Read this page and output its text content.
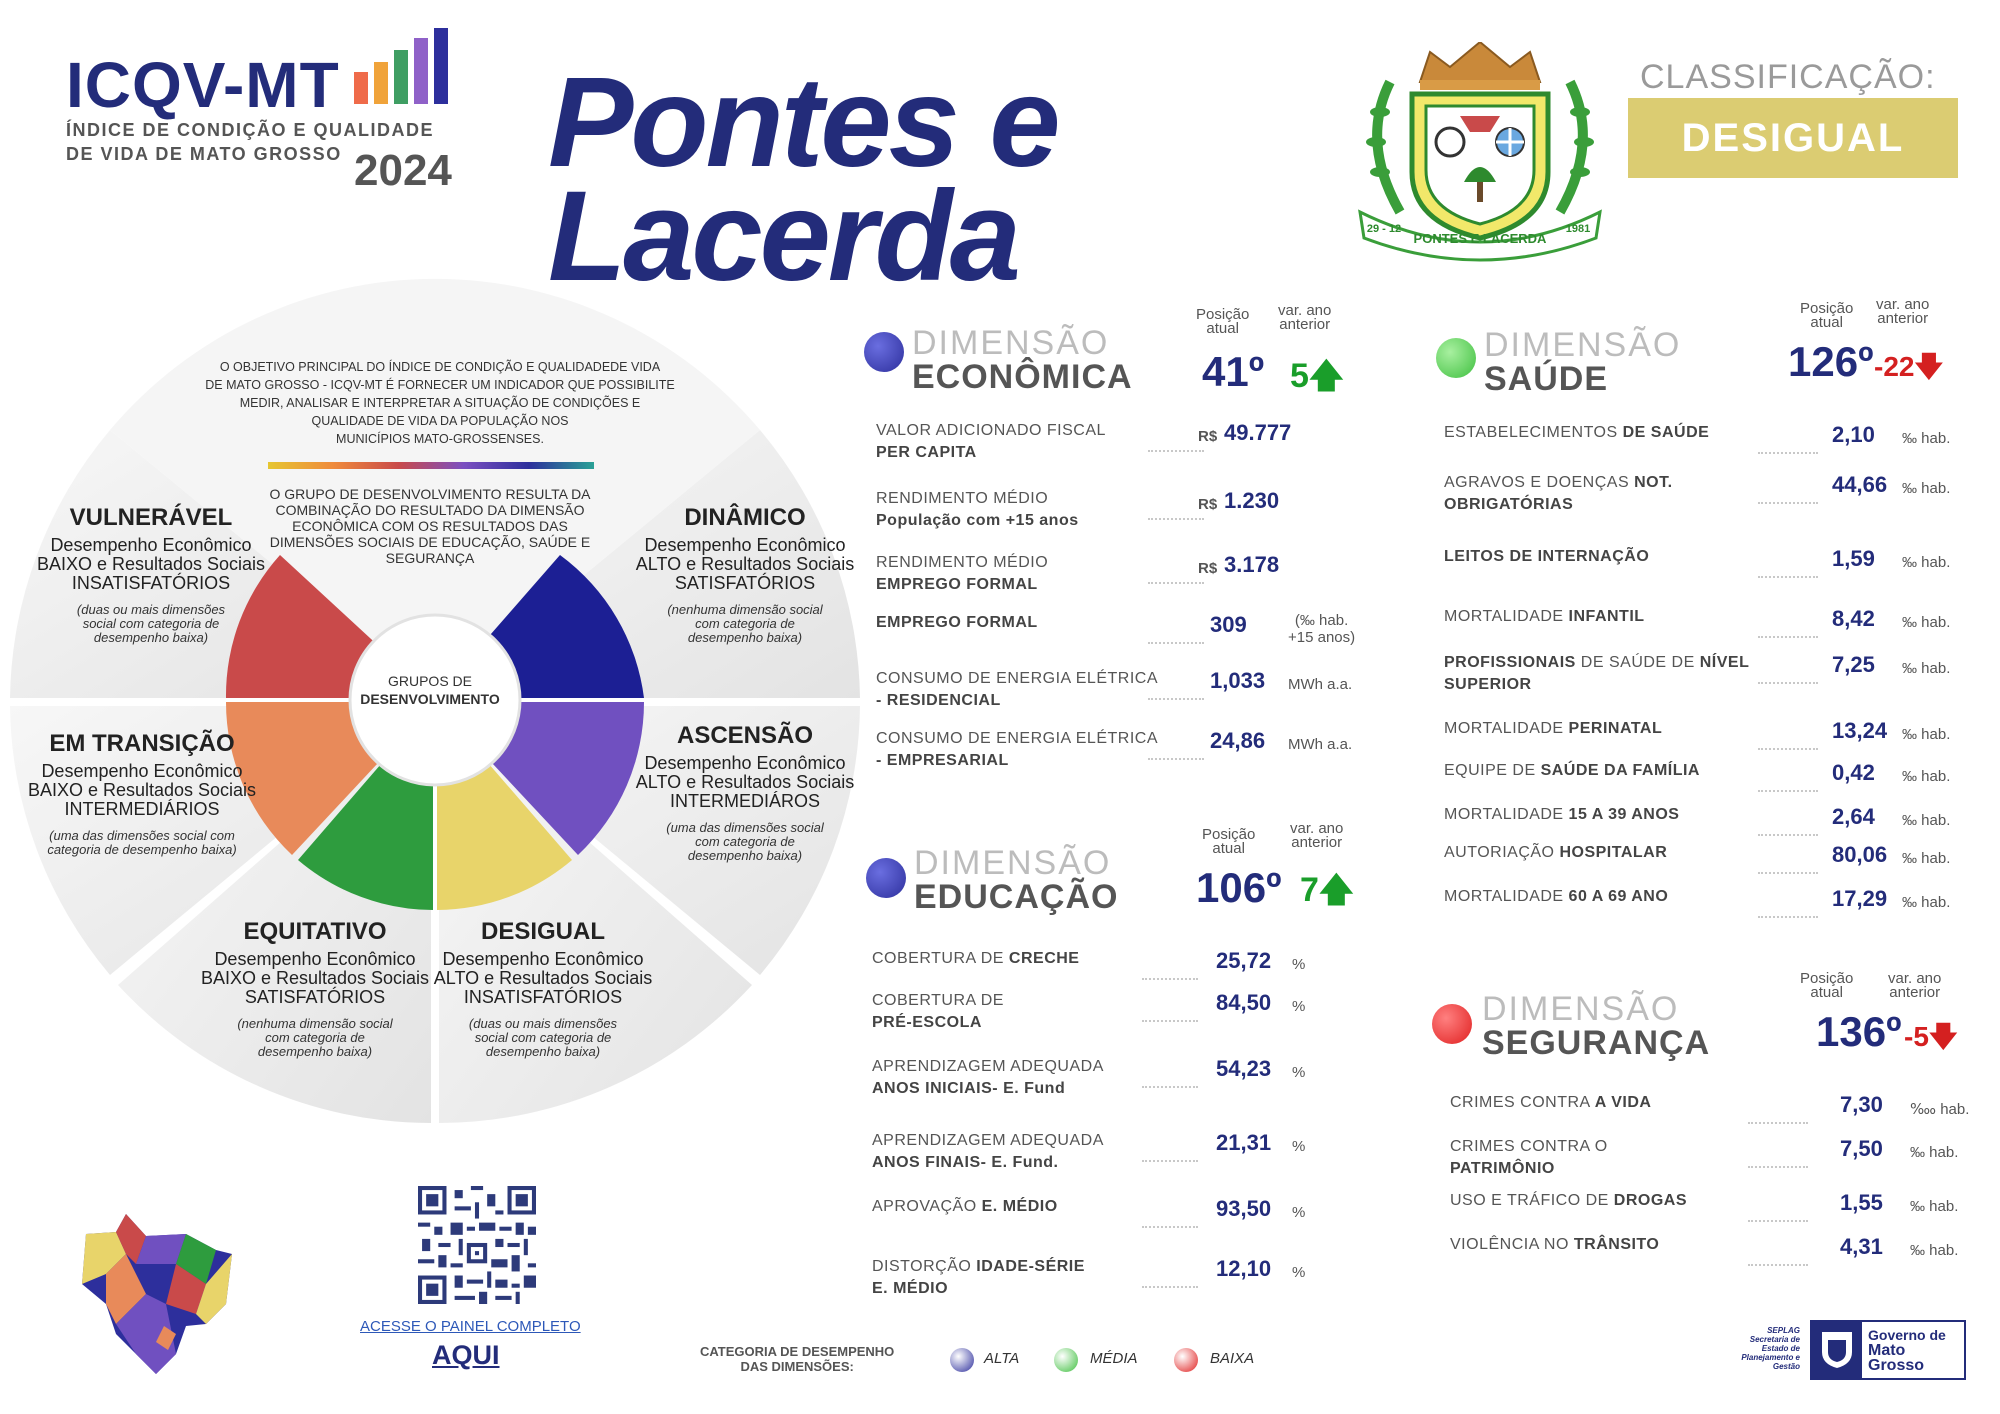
ICQV-MT
ÍNDICE DE CONDIÇÃO E QUALIDADE
DE VIDA DE MATO GROSSO 2024 Pontes e
Lacerda	PONTES E LACERDA
29 - 12	1981
CLASSIFICAÇÃO:
DESIGUAL
O OBJETIVO PRINCIPAL DO ÍNDICE DE CONDIÇÃO E QUALIDADEDE VIDA
DE MATO GROSSO - ICQV-MT É FORNECER UM INDICADOR QUE POSSIBILITE
MEDIR, ANALISAR E INTERPRETAR A SITUAÇÃO DE CONDIÇÕES E
QUALIDADE DE VIDA DA POPULAÇÃO NOS
MUNICÍPIOS MATO-GROSSENSES.
O GRUPO DE DESENVOLVIMENTO RESULTA DA COMBINAÇÃO DO RESULTADO DA DIMENSÃO ECONÔMICA COM OS RESULTADOS DAS DIMENSÕES SOCIAIS DE EDUCAÇÃO, SAÚDE E SEGURANÇA
GRUPOS DE
DESENVOLVIMENTO
VULNERÁVEL
Desempenho Econômico BAIXO e Resultados Sociais INSATISFATÓRIOS
(duas ou mais dimensões social com categoria de desempenho baixa)
DINÂMICO
Desempenho Econômico ALTO e Resultados Sociais SATISFATÓRIOS
(nenhuma dimensão social com categoria de desempenho baixa)
EM TRANSIÇÃO
Desempenho Econômico BAIXO e Resultados Sociais INTERMEDIÁRIOS
(uma das dimensões social com categoria de desempenho baixa)
ASCENSÃO
Desempenho Econômico ALTO e Resultados Sociais INTERMEDIÁROS
(uma das dimensões social com categoria de desempenho baixa)
EQUITATIVO
Desempenho Econômico BAIXO e Resultados Sociais SATISFATÓRIOS
(nenhuma dimensão social com categoria de desempenho baixa)
DESIGUAL
Desempenho Econômico ALTO e Resultados Sociais INSATISFATÓRIOS
(duas ou mais dimensões social com categoria de desempenho baixa)
DIMENSÃO
ECONÔMICA
Posição
atual
var. ano
anterior
41º 5🡅
VALOR ADICIONADO FISCAL
PER CAPITA
R$ 49.777
RENDIMENTO MÉDIO
População com +15 anos
R$ 1.230
RENDIMENTO MÉDIO
EMPREGO FORMAL
R$ 3.178
EMPREGO FORMAL	309	(‰ hab.
+15 anos)
CONSUMO DE ENERGIA ELÉTRICA
- RESIDENCIAL
1,033 MWh a.a.
CONSUMO DE ENERGIA ELÉTRICA
- EMPRESARIAL
24,86 MWh a.a.
DIMENSÃO
EDUCAÇÃO
Posição
atual
var. ano
anterior
106º 7🡅
COBERTURA DE CRECHE	25,72 %
COBERTURA DE
PRÉ-ESCOLA
84,50 %
APRENDIZAGEM ADEQUADA
ANOS INICIAIS- E. Fund
54,23 %
APRENDIZAGEM ADEQUADA
ANOS FINAIS- E. Fund.
21,31 %
APROVAÇÃO E. MÉDIO	93,50 %
DISTORÇÃO IDADE-SÉRIE
E. MÉDIO
12,10 %
DIMENSÃO
SAÚDE
Posição
atual
var. ano
anterior
126º -22🡇
ESTABELECIMENTOS DE SAÚDE	2,10 ‰ hab.
AGRAVOS E DOENÇAS NOT.
OBRIGATÓRIAS
44,66 ‰ hab.
LEITOS DE INTERNAÇÃO	1,59 ‰ hab.
MORTALIDADE INFANTIL	8,42 ‰ hab.
PROFISSIONAIS DE SAÚDE DE NÍVEL
SUPERIOR
7,25 ‰ hab.
MORTALIDADE PERINATAL	13,24 ‰ hab.
EQUIPE DE SAÚDE DA FAMÍLIA	0,42 ‰ hab.
MORTALIDADE 15 A 39 ANOS	2,64 ‰ hab.
AUTORIAÇÃO HOSPITALAR	80,06 ‰ hab.
MORTALIDADE 60 A 69 ANO	17,29 ‰ hab.
DIMENSÃO
SEGURANÇA
Posição
atual
var. ano
anterior
136º -5🡇
CRIMES CONTRA A VIDA	7,30 ‱ hab.
CRIMES CONTRA O
PATRIMÔNIO
7,50 ‰ hab.
USO E TRÁFICO DE DROGAS	1,55 ‰ hab.
VIOLÊNCIA NO TRÂNSITO	4,31 ‰ hab.
ACESSE O PAINEL COMPLETO
AQUI	CATEGORIA DE DESEMPENHO
DAS DIMENSÕES:	ALTA	MÉDIA	BAIXA
SEPLAG
Secretaria de Estado de Planejamento e Gestão
Governo de
Mato
Grosso
